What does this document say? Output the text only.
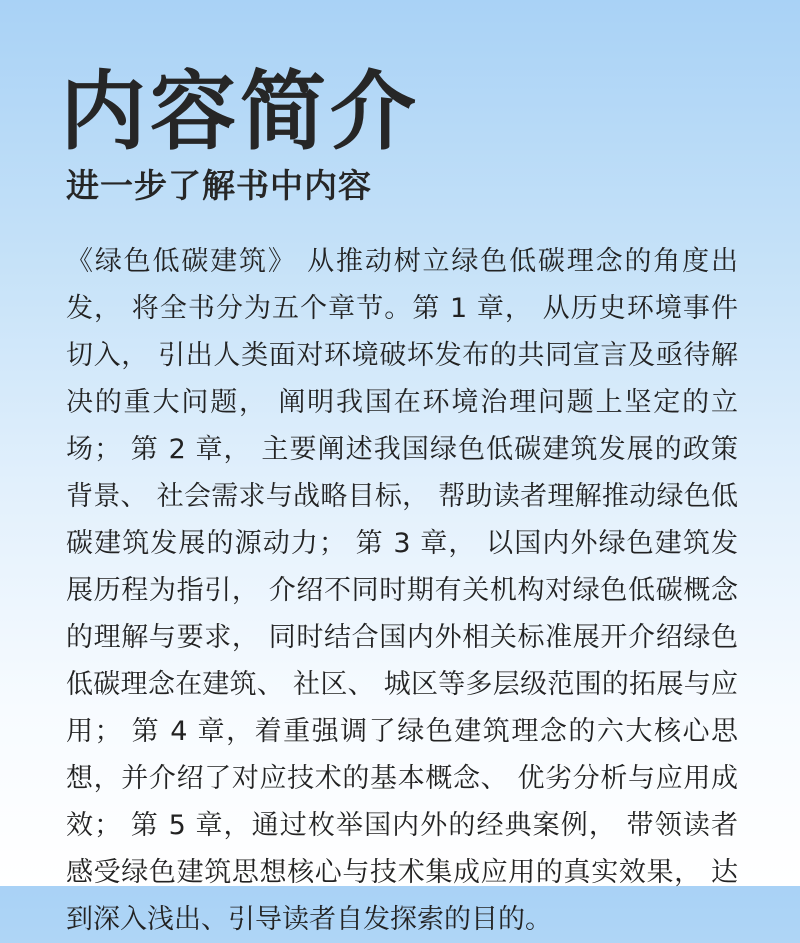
内容简介
进一步了解书中内容

《绿色低碳建筑》 从推动树立绿色低碳理念的角度出发， 将全书分为五个章节。第 1 章， 从历史环境事件切入， 引出人类面对环境破坏发布的共同宣言及亟待解决的重大问题， 阐明我国在环境治理问题上坚定的立场； 第 2 章， 主要阐述我国绿色低碳建筑发展的政策背景、 社会需求与战略目标， 帮助读者理解推动绿色低碳建筑发展的源动力； 第 3 章， 以国内外绿色建筑发展历程为指引， 介绍不同时期有关机构对绿色低碳概念的理解与要求， 同时结合国内外相关标准展开介绍绿色低碳理念在建筑、 社区、 城区等多层级范围的拓展与应用； 第 4 章，着重强调了绿色建筑理念的六大核心思想，并介绍了对应技术的基本概念、 优劣分析与应用成效； 第 5 章，通过枚举国内外的经典案例， 带领读者感受绿色建筑思想核心与技术集成应用的真实效果， 达到深入浅出、引导读者自发探索的目的。
